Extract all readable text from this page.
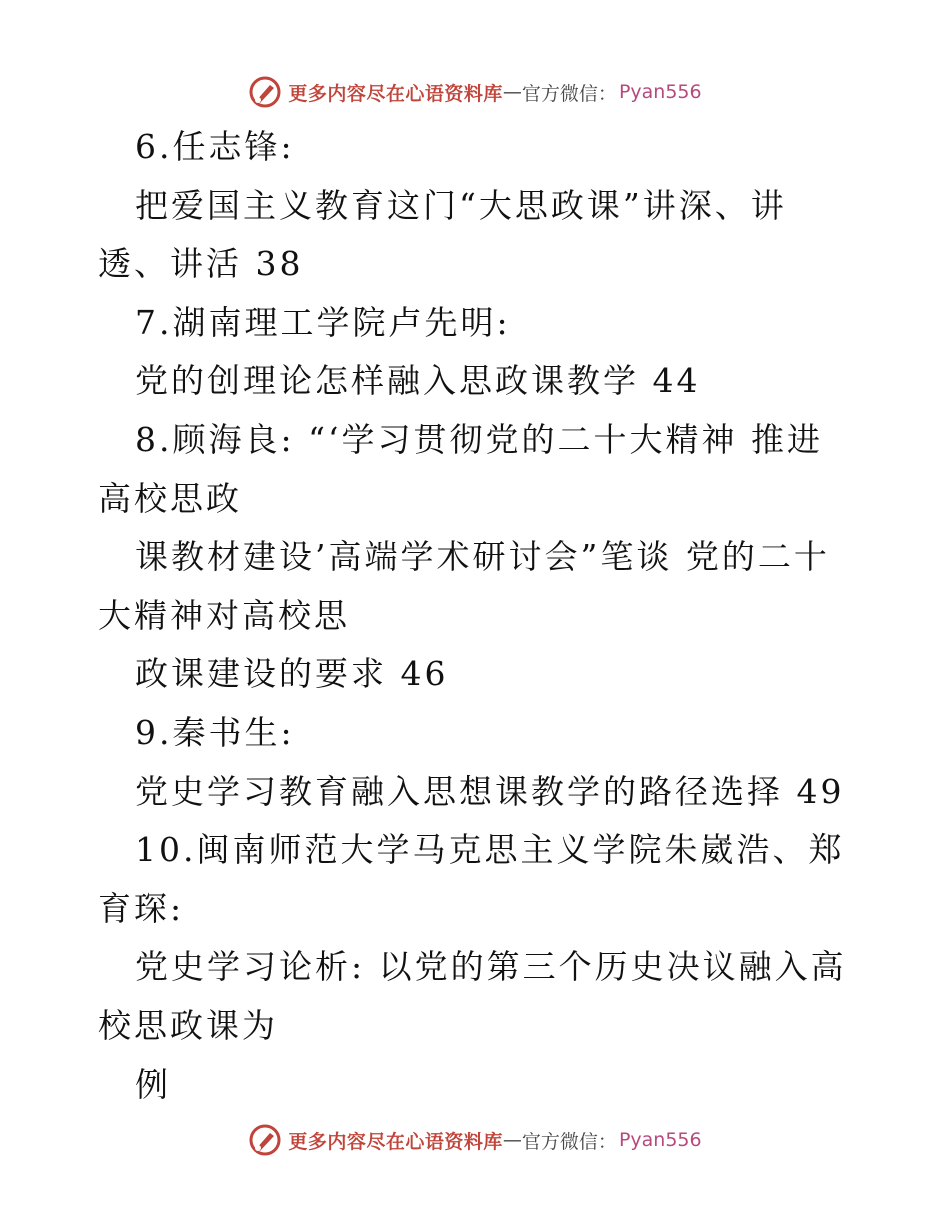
更多内容尽在心语资料库 — 官方微信： Pyan556

6.任志锋:

把爱国主义教育这门“大思政课”讲深、讲透、讲活 38

7.湖南理工学院卢先明:

党的创理论怎样融入思政课教学 44

8.顾海良: “‘学习贯彻党的二十大精神 推进高校思政

课教材建设’高端学术研讨会”笔谈 党的二十大精神对高校思

政课建设的要求 46

9.秦书生:

党史学习教育融入思想课教学的路径选择 49

10.闽南师范大学马克思主义学院朱崴浩、郑育琛:

党史学习论析: 以党的第三个历史决议融入高校思政课为

例

更多内容尽在心语资料库 — 官方微信： Pyan556
